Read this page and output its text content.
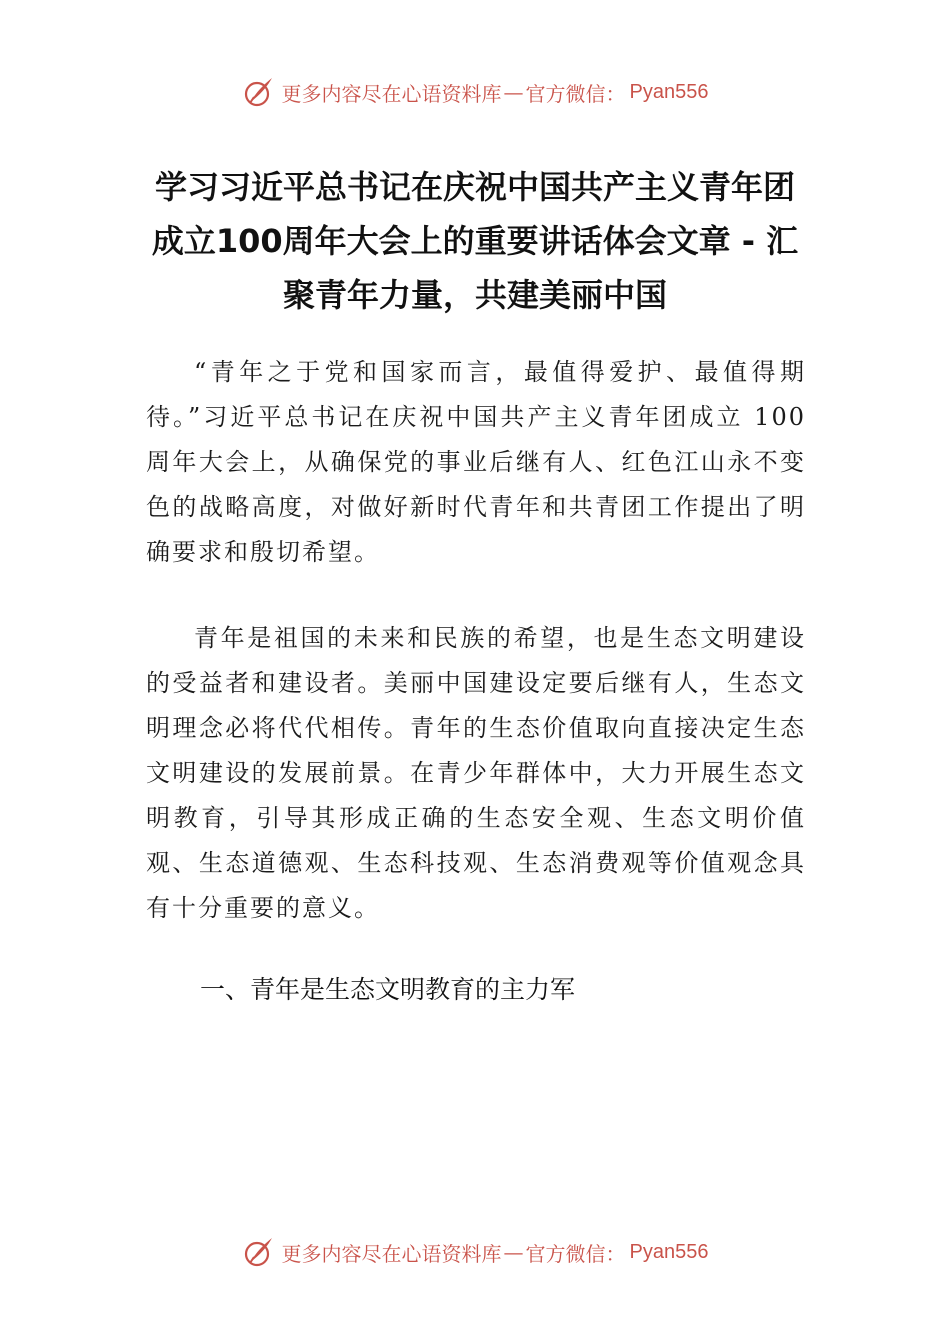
更多内容尽在心语资料库 — 官方微信： Pyan556
学习习近平总书记在庆祝中国共产主义青年团成立100周年大会上的重要讲话体会文章 - 汇聚青年力量，共建美丽中国

“青年之于党和国家而言，最值得爱护、最值得期待。”习近平总书记在庆祝中国共产主义青年团成立 100 周年大会上，从确保党的事业后继有人、红色江山永不变色的战略高度，对做好新时代青年和共青团工作提出了明确要求和殷切希望。

青年是祖国的未来和民族的希望，也是生态文明建设的受益者和建设者。美丽中国建设定要后继有人，生态文明理念必将代代相传。青年的生态价值取向直接决定生态文明建设的发展前景。在青少年群体中，大力开展生态文明教育，引导其形成正确的生态安全观、生态文明价值观、生态道德观、生态科技观、生态消费观等价值观念具有十分重要的意义。

一、青年是生态文明教育的主力军
更多内容尽在心语资料库 — 官方微信： Pyan556
